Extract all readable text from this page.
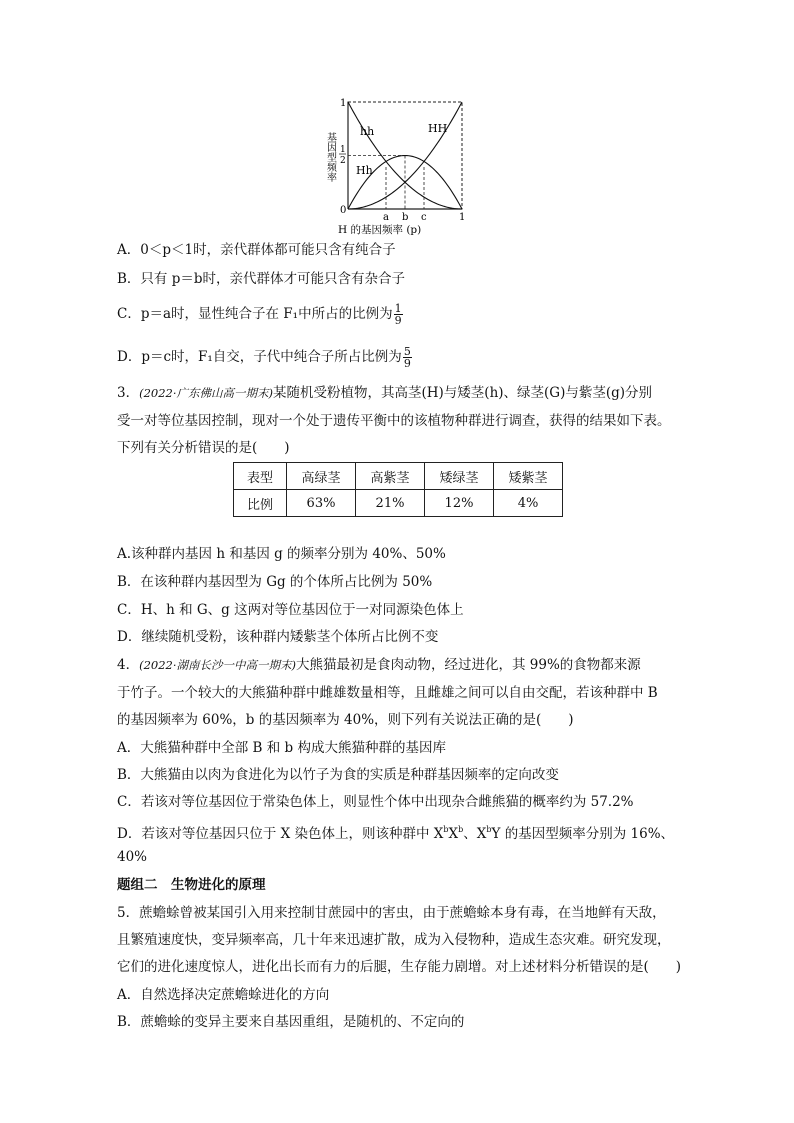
基因型频率
1
1
2
0
a b c	1
hh	HH
Hh
H 的基因频率 (p)
A．0＜p＜1时，亲代群体都可能只含有纯合子
B．只有 p＝b时，亲代群体才可能只含有杂合子
C．p＝a时，显性纯合子在 F₁中所占的比例为 $\frac{1}{9}$
D．p＝c时，F₁自交，子代中纯合子所占比例为 $\frac{5}{9}$
3．(2022·广东佛山高一期末)某随机受粉植物，其高茎(H)与矮茎(h)、绿茎(G)与紫茎(g)分别
受一对等位基因控制，现对一个处于遗传平衡中的该植物种群进行调查，获得的结果如下表。
下列有关分析错误的是(　　)
表型	高绿茎	高紫茎	矮绿茎	矮紫茎
比例	63%	21%	12%	4%
A.该种群内基因 h 和基因 g 的频率分别为 40%、50%
B．在该种群内基因型为 Gg 的个体所占比例为 50%
C．H、h 和 G、g 这两对等位基因位于一对同源染色体上
D．继续随机受粉，该种群内矮紫茎个体所占比例不变
4．(2022·湖南长沙一中高一期末)大熊猫最初是食肉动物，经过进化，其 99%的食物都来源
于竹子。一个较大的大熊猫种群中雌雄数量相等，且雌雄之间可以自由交配，若该种群中 B
的基因频率为 60%，b 的基因频率为 40%，则下列有关说法正确的是(　　)
A．大熊猫种群中全部 B 和 b 构成大熊猫种群的基因库
B．大熊猫由以肉为食进化为以竹子为食的实质是种群基因频率的定向改变
C．若该对等位基因位于常染色体上，则显性个体中出现杂合雌熊猫的概率约为 57.2%
D．若该对等位基因只位于 X 染色体上，则该种群中 $X^bX^b$、$X^bY$ 的基因型频率分别为 16%、
40%
题组二　生物进化的原理
5．蔗蟾蜍曾被某国引入用来控制甘蔗园中的害虫，由于蔗蟾蜍本身有毒，在当地鲜有天敌，
且繁殖速度快，变异频率高，几十年来迅速扩散，成为入侵物种，造成生态灾难。研究发现，
它们的进化速度惊人，进化出长而有力的后腿，生存能力剧增。对上述材料分析错误的是(　　)
A．自然选择决定蔗蟾蜍进化的方向
B．蔗蟾蜍的变异主要来自基因重组，是随机的、不定向的
